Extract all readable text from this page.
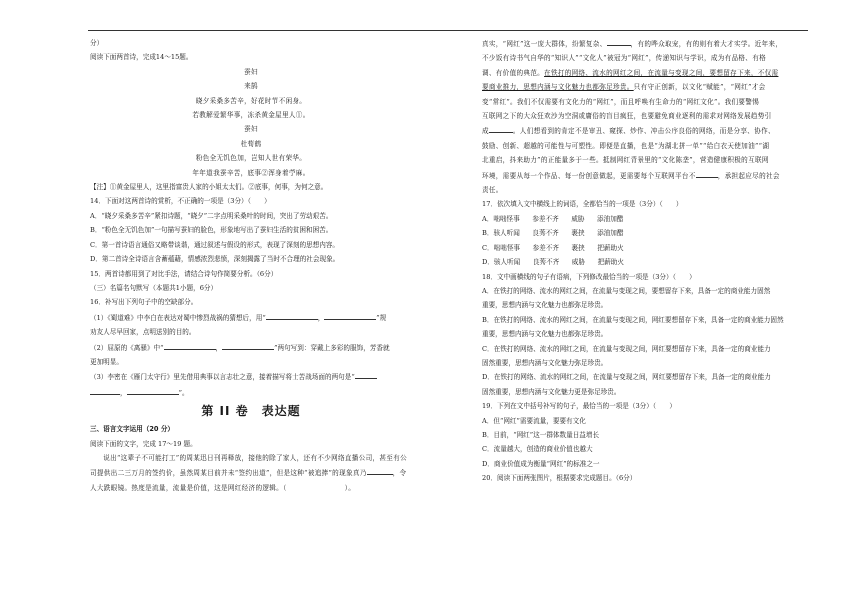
分）

阅读下面两首诗，完成14～15题。

蚕妇

来鹄

晓夕采桑多苦辛，好花时节不闲身。

若教解爱繁华事，冻杀黄金屋里人①。

蚕妇

杜荀鹤

粉色全无饥色加，岂知人世有荣华。

年年道我蚕辛苦，底事②浑身着苧麻。

【注】①黄金屋里人，这里指富贵人家的小姐太太们。②底事，何事，为何之意。

14．下面对这两首诗的赏析，不正确的一项是（3分）（　　）

A．“晓夕采桑多苦辛”紧扣诗题，“晓夕”二字点明采桑叶的时间，突出了劳动艰苦。

B．“粉色全无饥色加”一句描写蚕妇的脸色，形象地写出了蚕妇生活的贫困和困苦。

C．第一首诗语言通俗又略带谈谐，通过叙述与假设的形式，表现了深刻的思想内容。

D．第二首诗全诗语言含蓄蕴藉，情感浓烈悲愤，深刻揭露了当时不合理的社会现象。

15．两首诗都用到了对比手法，请结合诗句作简要分析。（6分）

（三）名篇名句默写（本题共1小题，6分）

16．补写出下列句子中的空缺部分。

（1）《蜀道难》中李白在表达对蜀中惨烈战祸的猜想后，用“	，	”规

劝友人尽早回家，点明送别的目的。

（2）屈原的《离骚》中“	，	”两句写到：穿戴上多彩的服饰，芳香就

更加明显。

（3）李密在《雁门太守行》里先借用典事以言志壮之意，接着描写将士苦战场面的两句是“

，	”。

第 II 卷　表达题

三、语言文字运用（20 分）

阅读下面的文字，完成 17～19 题。

说出“这辈子不可能打工”的周某迅日刊再释放，接他的除了家人，还有不少网络直播公司，甚至有公司提供出二三万月的签约价，虽然周某目前并未“签约出道”，但是这种“被追捧”的现象真乃	，令人大跌眼镜。热度是流量，流量是价值，这是网红经济的逻辑。（	）。

真实，“网红”这一庞大群体，纷繁复杂、	，有的哗众取宠，有的则有着大才实学。近年来，

不少饭有诗书气自华的“知识人”“文化人”被冠为“网红”，传递知识与学识，成为有品格、有格

调、有价值的典范。在铁打的网络、流水的网红之间，在流量与变现之间，要想留存下来，不仅需

要商业推力，思想内涵与文化魅力也都弥足珍贵。只有守正创新，以文化“赋能”，“网红”才会

变“常红”。我们不仅需要有文化力的“网红”，而且呼唤有生命力的“网红文化”。我们要警惕

互联网之下的大众狂欢沙为空洞或庸俗的盲目疯狂，也要避免商业逐利的需求对网络发展趋势引

成	。人们想看到的肯定不是审丑、窥探、炒作、冲击公序良俗的网络，而是分享、协作、

鼓励、创新、超越的可能性与可塑性。即便是直播，也是“为湖北拼一单”“给白衣天使加油”“湖

北重启，抖来助力”的正能量多于一些。抵制网红背景里的“文化陈垄”，营造健康积极的互联网

环境，需要从每一个作品、每一份创意做起，更需要每个互联网平台不	，承担起应尽的社会

责任。

17．依次填入文中横线上的词语，全都恰当的一项是（3分）（　　）

A．咄咄怪事 参差不齐 威胁 添油加醋

B．骇人听闻 良莠不齐 裹挟 添油加醋

C．咄咄怪事 参差不齐 裹挟 把薪助火

D．骇人听闻 良莠不齐 威胁 把薪助火

18．文中画横线的句子有语病，下列修改最恰当的一项是（3分）（　　）

A．在铁打的网络、流水的网红之间，在流量与变现之间，要想留存下来，具备一定的商业能力固然

重要，思想内涵与文化魅力也都弥足珍贵。

B．在铁打的网络、流水的网红之间，在流量与变现之间，网红要想留存下来，具备一定的商业能力固然

重要，思想内涵与文化魅力也都弥足珍贵。

C．在铁打的网络、流水的网红之间，在流量与变现之间，网红要想留存下来，具备一定的商业能力

固然重要，思想内涵与文化魅力弥足珍贵。

D．在铁打的网络、流水的网红之间，在流量与变现之间，网红要想留存下来，具备一定的商业能力

固然重要，思想内涵与文化魅力更是弥足珍贵。

19．下列在文中括号补写的句子，最恰当的一项是（3分）（　　）

A．但“网红”需要流量，要要有文化

B．目前，“网红”这一群体数量日益增长

C．流量越大，创造的商业价值也越大

D．商业价值成为衡量“网红”的标准之一

20．阅读下面两张图片，根据要求完成题目。（6分）
